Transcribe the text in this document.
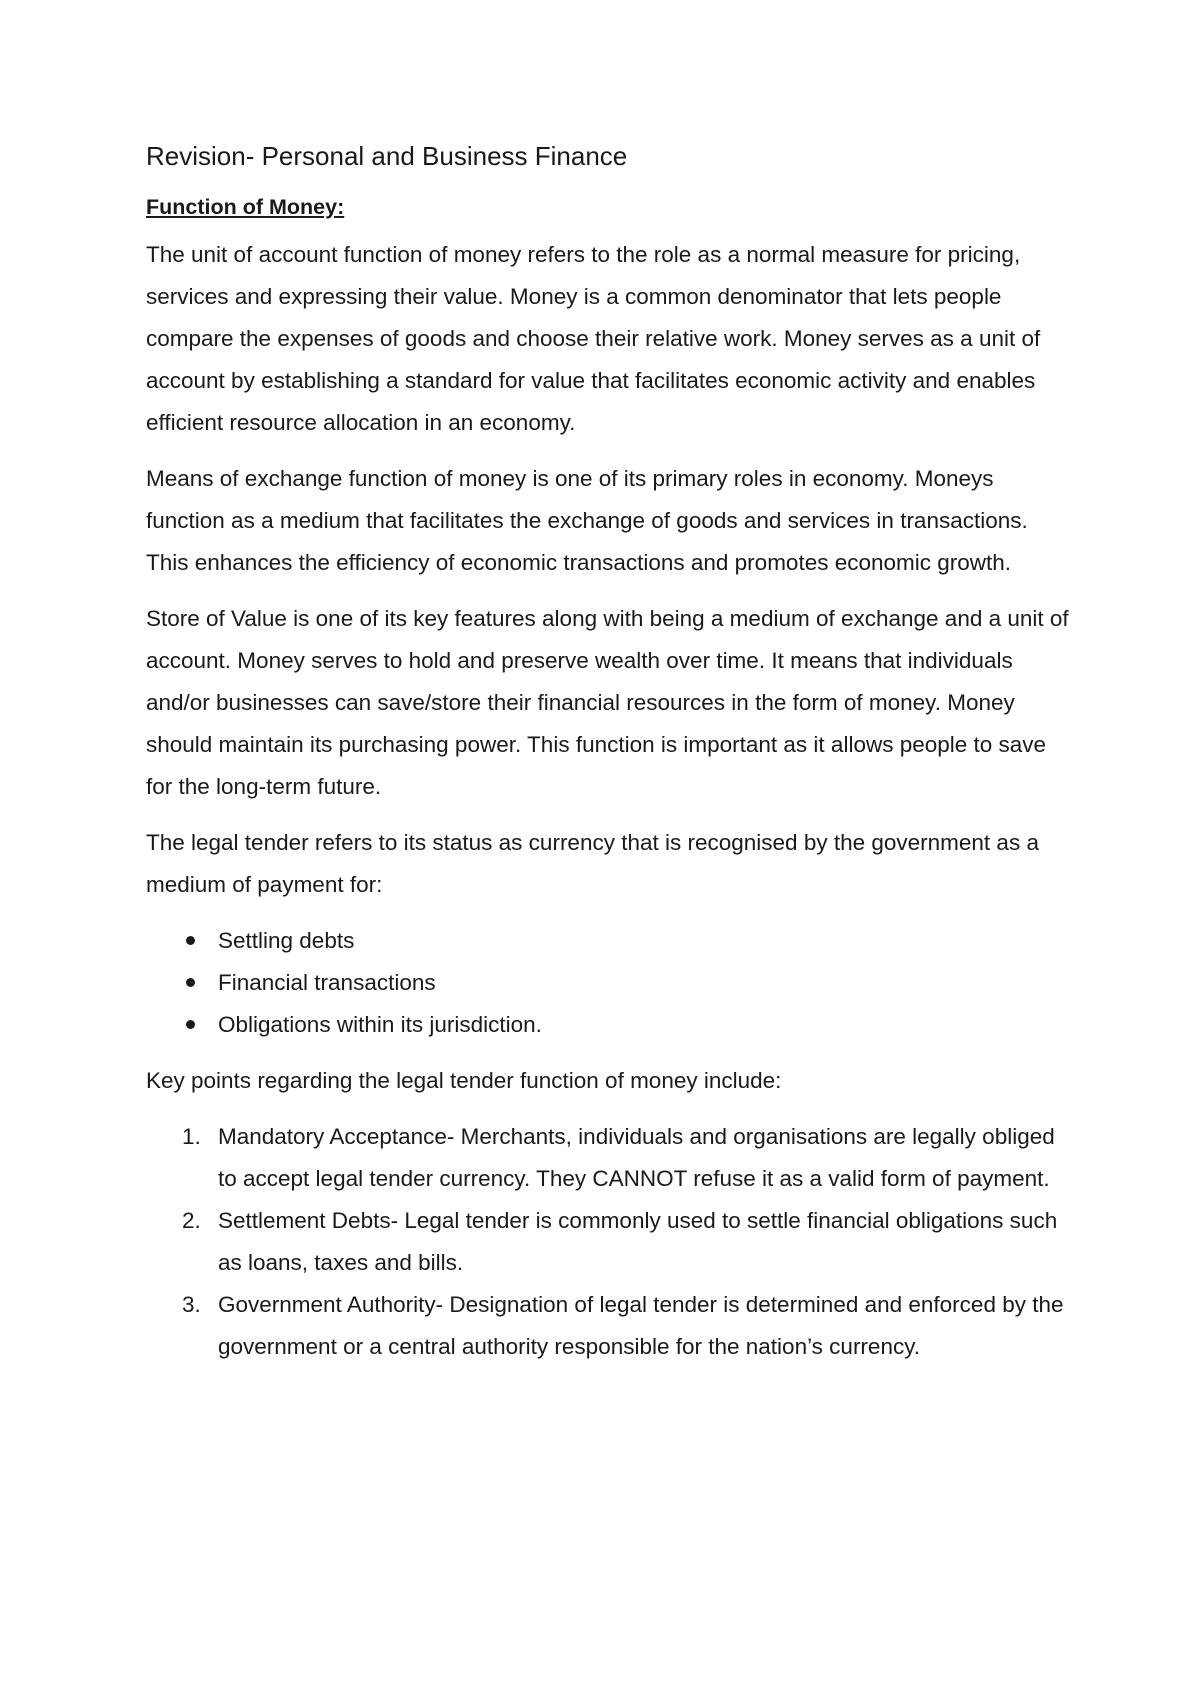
Revision- Personal and Business Finance
Function of Money:

The unit of account function of money refers to the role as a normal measure for pricing, services and expressing their value. Money is a common denominator that lets people compare the expenses of goods and choose their relative work. Money serves as a unit of account by establishing a standard for value that facilitates economic activity and enables efficient resource allocation in an economy.

Means of exchange function of money is one of its primary roles in economy. Moneys function as a medium that facilitates the exchange of goods and services in transactions. This enhances the efficiency of economic transactions and promotes economic growth.

Store of Value is one of its key features along with being a medium of exchange and a unit of account. Money serves to hold and preserve wealth over time. It means that individuals and/or businesses can save/store their financial resources in the form of money. Money should maintain its purchasing power. This function is important as it allows people to save for the long-term future.

The legal tender refers to its status as currency that is recognised by the government as a medium of payment for:

Settling debts
Financial transactions
Obligations within its jurisdiction.

Key points regarding the legal tender function of money include:

1. Mandatory Acceptance- Merchants, individuals and organisations are legally obliged to accept legal tender currency. They CANNOT refuse it as a valid form of payment.
2. Settlement Debts- Legal tender is commonly used to settle financial obligations such as loans, taxes and bills.
3. Government Authority- Designation of legal tender is determined and enforced by the government or a central authority responsible for the nation’s currency.
